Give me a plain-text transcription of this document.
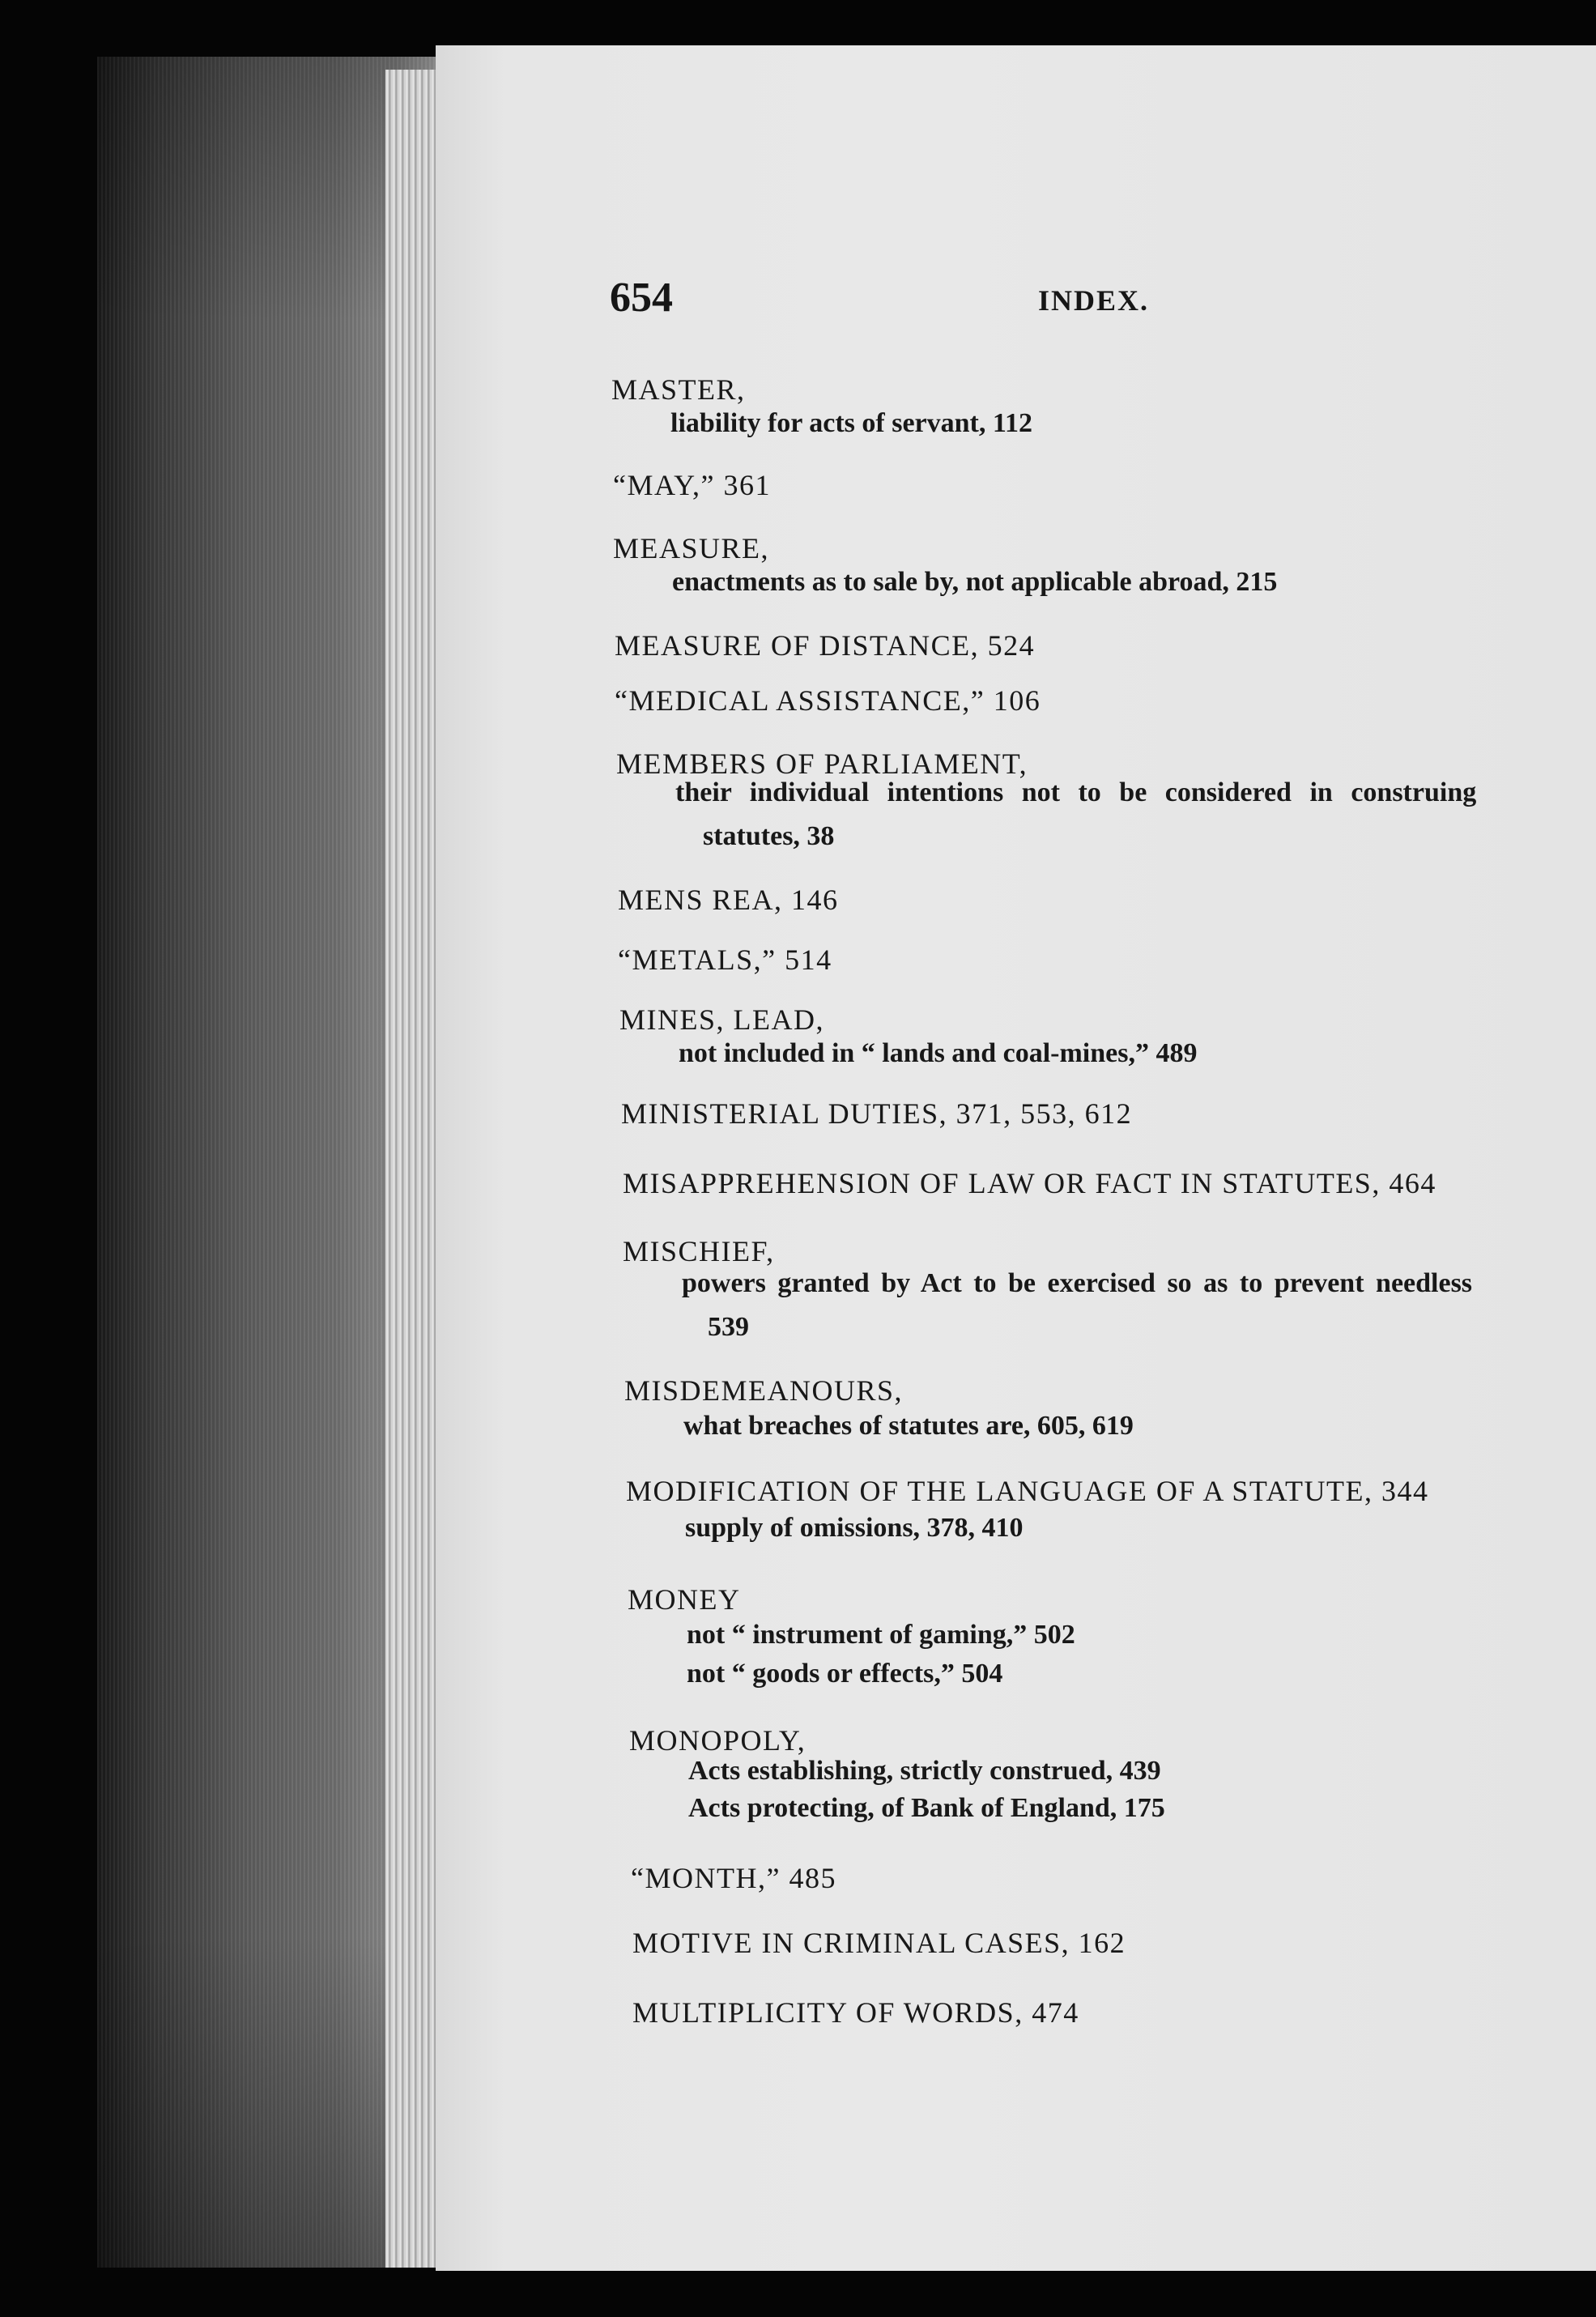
654	INDEX.
MASTER,
liability for acts of servant, 112
“MAY,” 361
MEASURE,
enactments as to sale by, not applicable abroad, 215
MEASURE OF DISTANCE, 524
“MEDICAL ASSISTANCE,” 106
MEMBERS OF PARLIAMENT,
their individual intentions not to be considered in construing
statutes, 38
MENS REA, 146
“METALS,” 514
MINES, LEAD,
not included in “ lands and coal-mines,” 489
MINISTERIAL DUTIES, 371, 553, 612
MISAPPREHENSION OF LAW OR FACT IN STATUTES, 464
MISCHIEF,
powers granted by Act to be exercised so as to prevent needless
539
MISDEMEANOURS,
what breaches of statutes are, 605, 619
MODIFICATION OF THE LANGUAGE OF A STATUTE, 344
supply of omissions, 378, 410
MONEY
not “ instrument of gaming,” 502
not “ goods or effects,” 504
MONOPOLY,
Acts establishing, strictly construed, 439
Acts protecting, of Bank of England, 175
“MONTH,” 485
MOTIVE IN CRIMINAL CASES, 162
MULTIPLICITY OF WORDS, 474
